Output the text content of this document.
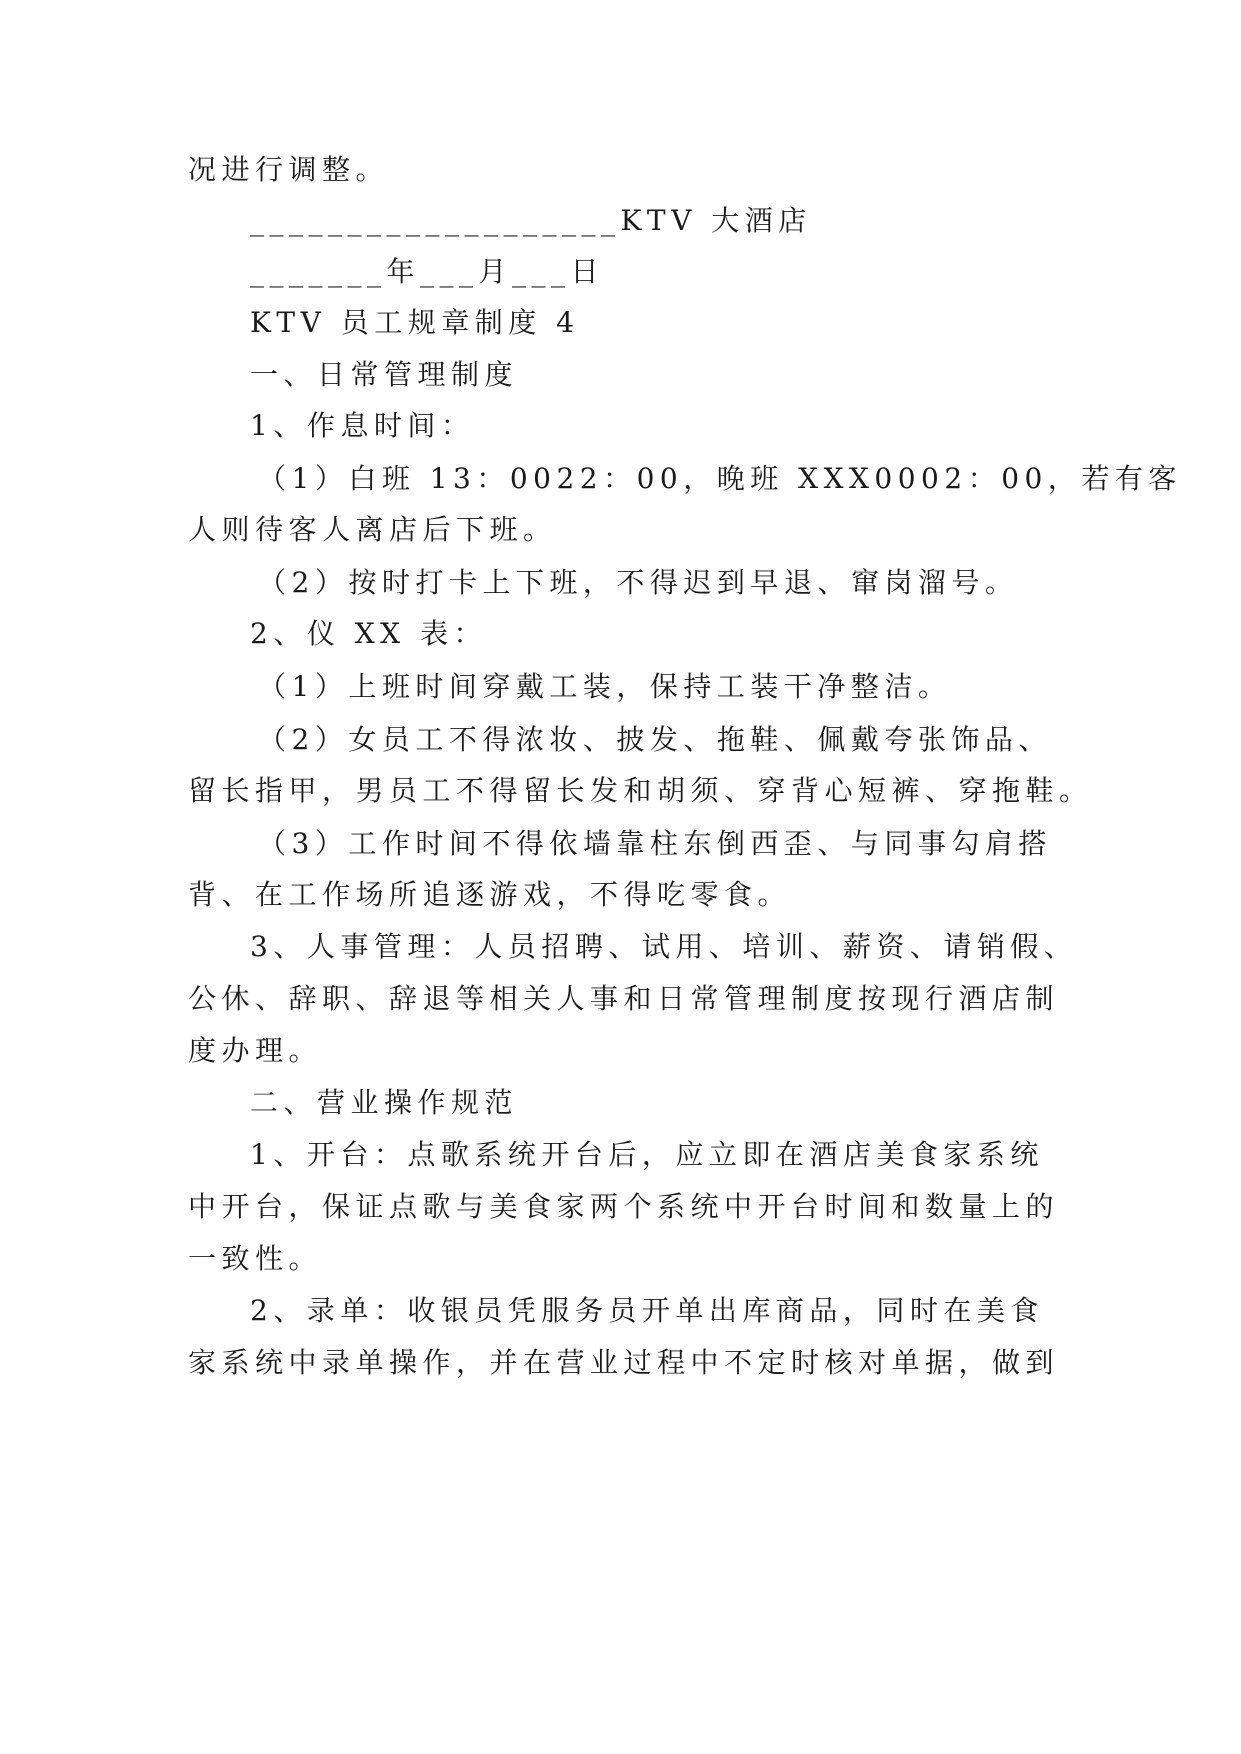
况进行调整。
___________________KTV 大酒店
_______年___月___日
KTV 员工规章制度 4
一、日常管理制度
1、作息时间：
（1）白班 13：0022：00，晚班 XXX0002：00，若有客
人则待客人离店后下班。
（2）按时打卡上下班，不得迟到早退、窜岗溜号。
2、仪 XX 表：
（1）上班时间穿戴工装，保持工装干净整洁。
（2）女员工不得浓妆、披发、拖鞋、佩戴夸张饰品、
留长指甲，男员工不得留长发和胡须、穿背心短裤、穿拖鞋。
（3）工作时间不得依墙靠柱东倒西歪、与同事勾肩搭
背、在工作场所追逐游戏，不得吃零食。
3、人事管理：人员招聘、试用、培训、薪资、请销假、
公休、辞职、辞退等相关人事和日常管理制度按现行酒店制
度办理。
二、营业操作规范
1、开台：点歌系统开台后，应立即在酒店美食家系统
中开台，保证点歌与美食家两个系统中开台时间和数量上的
一致性。
2、录单：收银员凭服务员开单出库商品，同时在美食
家系统中录单操作，并在营业过程中不定时核对单据，做到
